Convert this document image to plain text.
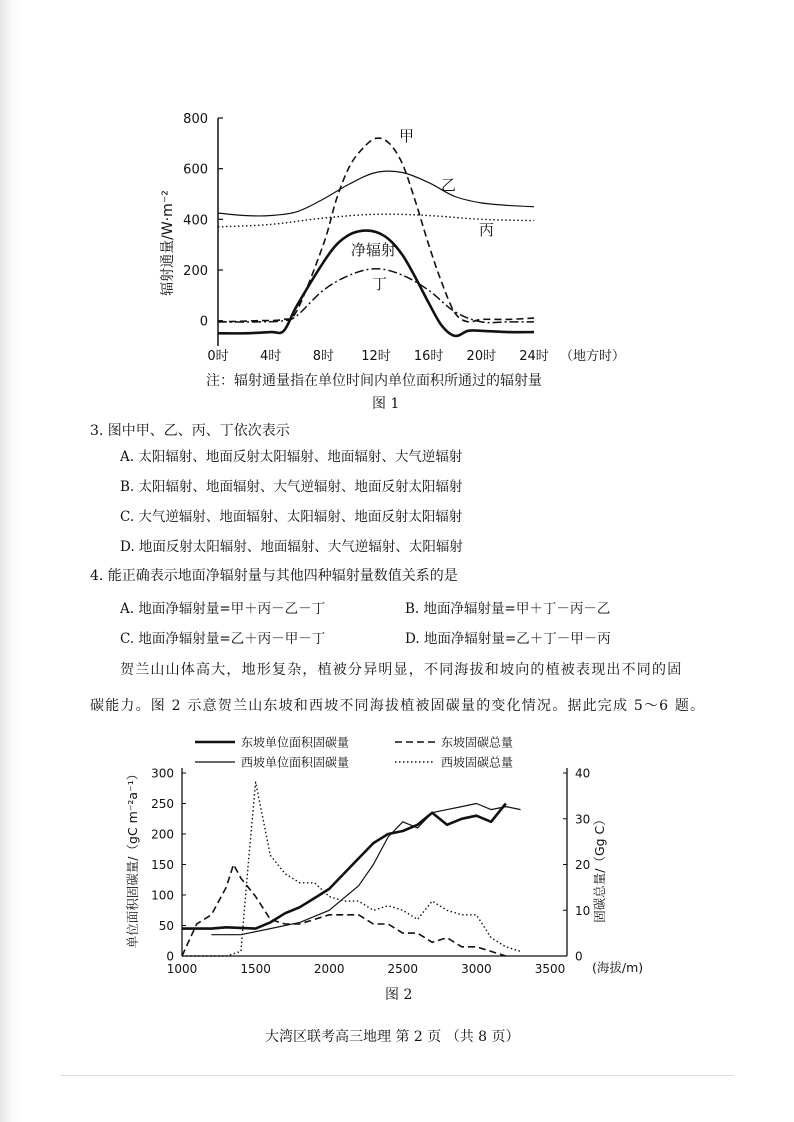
辐射通量/W·m⁻²
800
600
400
200
0
0时 4时 8时 12时 16时 20时 24时
甲
乙
丙
净辐射
丁
（地方时）
注：辐射通量指在单位时间内单位面积所通过的辐射量
图 1
3. 图中甲、乙、丙、丁依次表示
A. 太阳辐射、地面反射太阳辐射、地面辐射、大气逆辐射
B. 太阳辐射、地面辐射、大气逆辐射、地面反射太阳辐射
C. 大气逆辐射、地面辐射、太阳辐射、地面反射太阳辐射
D. 地面反射太阳辐射、地面辐射、大气逆辐射、太阳辐射
4. 能正确表示地面净辐射量与其他四种辐射量数值关系的是
A. 地面净辐射量=甲＋丙－乙－丁	B. 地面净辐射量=甲＋丁－丙－乙
C. 地面净辐射量=乙＋丙－甲－丁	D. 地面净辐射量=乙＋丁－甲－丙
贺兰山山体高大，地形复杂，植被分异明显，不同海拔和坡向的植被表现出不同的固
碳能力。图 2 示意贺兰山东坡和西坡不同海拔植被固碳量的变化情况。据此完成 5～6 题。
东坡单位面积固碳量	东坡固碳总量
西坡单位面积固碳量	西坡固碳总量
单位面积固碳量/（gC m⁻²a⁻¹）	固碳总量/（Gg C）
300
250
200
150
100
50
0
40
30
20
10
0
1000	1500	2000	2500	3000	3500 (海拔/m)
图 2
大湾区联考高三地理 第 2 页 （共 8 页）
